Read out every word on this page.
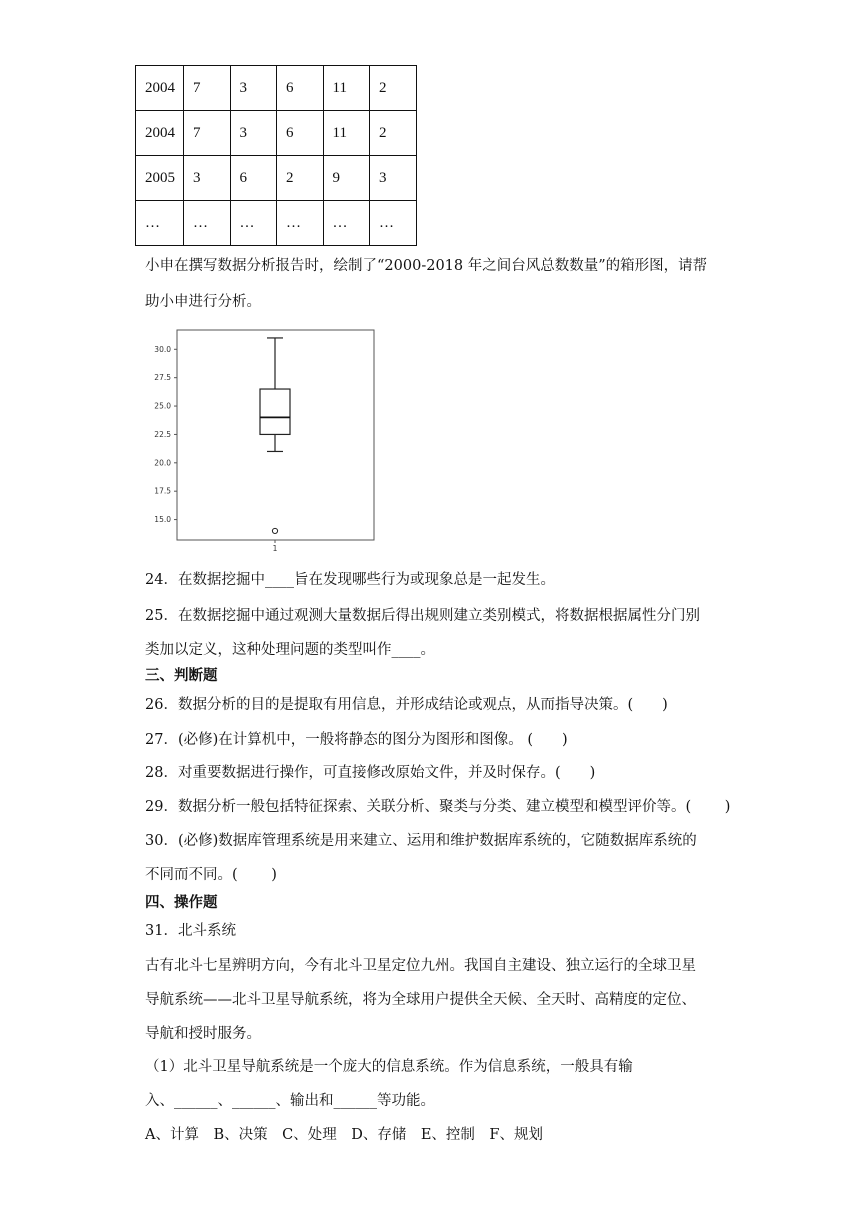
2004	7	3	6	11	2
2004	7	3	6	11	2
2005	3	6	2	9	3
…	…	…	…	…	…

小申在撰写数据分析报告时，绘制了“2000-2018 年之间台风总数数量”的箱形图，请帮

助小申进行分析。

15.0
17.5
20.0
22.5
25.0
27.5
30.0
1

24．在数据挖掘中____旨在发现哪些行为或现象总是一起发生。

25．在数据挖掘中通过观测大量数据后得出规则建立类别模式，将数据根据属性分门别

类加以定义，这种处理问题的类型叫作____。

三、判断题

26．数据分析的目的是提取有用信息，并形成结论或观点，从而指导决策。(　　)

27．(必修)在计算机中，一般将静态的图分为图形和图像。 (　　)

28．对重要数据进行操作，可直接修改原始文件，并及时保存。(　　)

29．数据分析一般包括特征探索、关联分析、聚类与分类、建立模型和模型评价等。(　　 )

30．(必修)数据库管理系统是用来建立、运用和维护数据库系统的，它随数据库系统的

不同而不同。(　　 )

四、操作题

31．北斗系统

古有北斗七星辨明方向，今有北斗卫星定位九州。我国自主建设、独立运行的全球卫星

导航系统——北斗卫星导航系统，将为全球用户提供全天候、全天时、高精度的定位、

导航和授时服务。

（1）北斗卫星导航系统是一个庞大的信息系统。作为信息系统，一般具有输

入、______、______、输出和______等功能。

A、计算　B、决策　C、处理　D、存储　E、控制　F、规划
